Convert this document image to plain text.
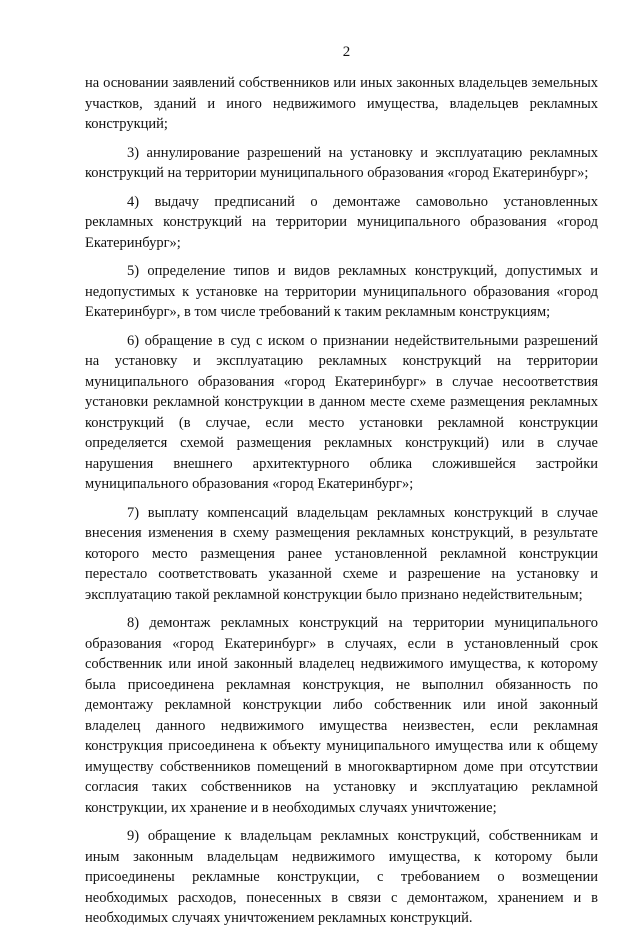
2

на основании заявлений собственников или иных законных владельцев земельных участков, зданий и иного недвижимого имущества, владельцев рекламных конструкций;

3) аннулирование разрешений на установку и эксплуатацию рекламных конструкций на территории муниципального образования «город Екатеринбург»;

4) выдачу предписаний о демонтаже самовольно установленных рекламных конструкций на территории муниципального образования «город Екатеринбург»;

5) определение типов и видов рекламных конструкций, допустимых и недопустимых к установке на территории муниципального образования «город Екатеринбург», в том числе требований к таким рекламным конструкциям;

6) обращение в суд с иском о признании недействительными разрешений на установку и эксплуатацию рекламных конструкций на территории муниципального образования «город Екатеринбург» в случае несоответствия установки рекламной конструкции в данном месте схеме размещения рекламных конструкций (в случае, если место установки рекламной конструкции определяется схемой размещения рекламных конструкций) или в случае нарушения внешнего архитектурного облика сложившейся застройки муниципального образования «город Екатеринбург»;

7) выплату компенсаций владельцам рекламных конструкций в случае внесения изменения в схему размещения рекламных конструкций, в результате которого место размещения ранее установленной рекламной конструкции перестало соответствовать указанной схеме и разрешение на установку и эксплуатацию такой рекламной конструкции было признано недействительным;

8) демонтаж рекламных конструкций на территории муниципального образования «город Екатеринбург» в случаях, если в установленный срок собственник или иной законный владелец недвижимого имущества, к которому была присоединена рекламная конструкция, не выполнил обязанность по демонтажу рекламной конструкции либо собственник или иной законный владелец данного недвижимого имущества неизвестен, если рекламная конструкция присоединена к объекту муниципального имущества или к общему имуществу собственников помещений в многоквартирном доме при отсутствии согласия таких собственников на установку и эксплуатацию рекламной конструкции, их хранение и в необходимых случаях уничтожение;

9) обращение к владельцам рекламных конструкций, собственникам и иным законным владельцам недвижимого имущества, к которому были присоединены рекламные конструкции, с требованием о возмещении необходимых расходов, понесенных в связи с демонтажом, хранением и в необходимых случаях уничтожением рекламных конструкций.
